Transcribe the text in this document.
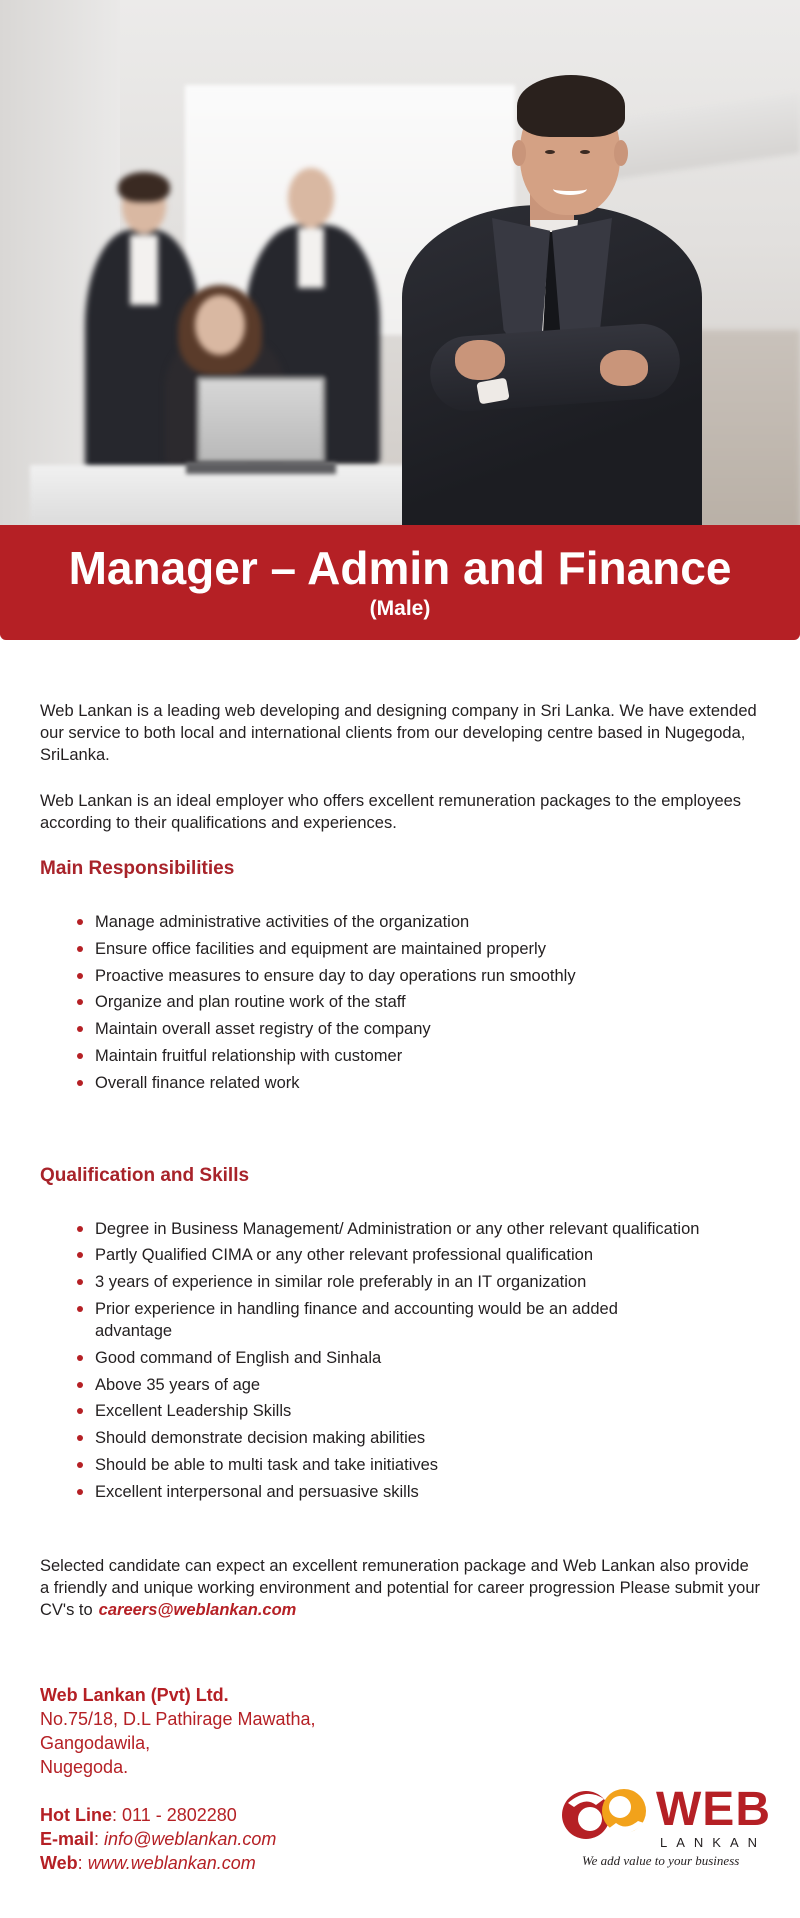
Manager – Admin and Finance
(Male)

Web Lankan is a leading web developing and designing company in Sri Lanka. We have extended our service to both local and international clients from our developing centre based in Nugegoda, SriLanka.

Web Lankan is an ideal employer who offers excellent remuneration packages to the employees according to their qualifications and experiences.

Main Responsibilities
Manage administrative activities of the organization
Ensure office facilities and equipment are maintained properly
Proactive measures to ensure day to day operations run smoothly
Organize and plan routine work of the staff
Maintain overall asset registry of the company
Maintain fruitful relationship with customer
Overall finance related work
Qualification and Skills
Degree in Business Management/ Administration or any other relevant qualification
Partly Qualified CIMA or any other relevant professional qualification
3 years of experience in similar role preferably in an IT organization
Prior experience in handling finance and accounting would be an added advantage
Good command of English and Sinhala
Above 35 years of age
Excellent Leadership Skills
Should demonstrate decision making abilities
Should be able to multi task and take initiatives
Excellent interpersonal and persuasive skills

Selected candidate can expect an excellent remuneration package and Web Lankan also provide a friendly and unique working environment and potential for career progression Please submit your CV's to careers@weblankan.com

Web Lankan (Pvt) Ltd.
No.75/18, D.L Pathirage Mawatha,
Gangodawila,
Nugegoda.
Hot Line: 011 - 2802280
E-mail: info@weblankan.com
Web: www.weblankan.com
WEB
LANKAN
We add value to your business
